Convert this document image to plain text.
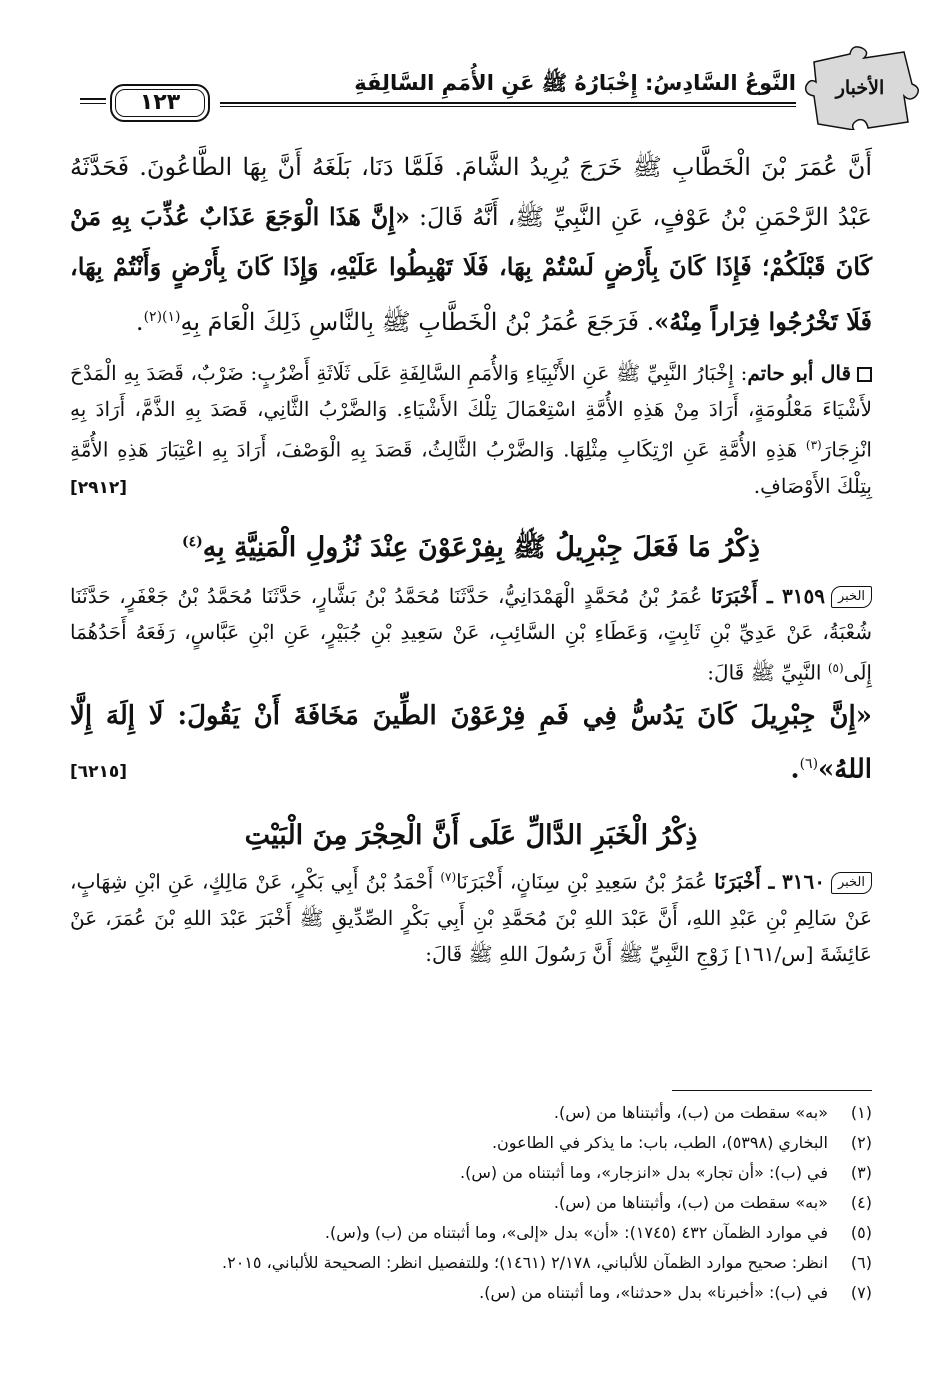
الأخبار
النَّوعُ السَّادِسُ: إِخْبَارُهُ ﷺ عَنِ الأُمَمِ السَّالِفَةِ
١٢٣

أَنَّ عُمَرَ بْنَ الْخَطَّابِ ﷺ خَرَجَ يُرِيدُ الشَّامَ. فَلَمَّا دَنَا، بَلَغَهُ أَنَّ بِهَا الطَّاعُونَ. فَحَدَّثَهُ عَبْدُ الرَّحْمَنِ بْنُ عَوْفٍ، عَنِ النَّبِيِّ ﷺ، أَنَّهُ قَالَ: «إِنَّ هَذَا الْوَجَعَ عَذَابٌ عُذِّبَ بِهِ مَنْ كَانَ قَبْلَكُمْ؛ فَإِذَا كَانَ بِأَرْضٍ لَسْتُمْ بِهَا، فَلَا تَهْبِطُوا عَلَيْهِ، وَإِذَا كَانَ بِأَرْضٍ وَأَنْتُمْ بِهَا، فَلَا تَخْرُجُوا فِرَاراً مِنْهُ». فَرَجَعَ عُمَرُ بْنُ الْخَطَّابِ ﷺ بِالنَّاسِ ذَلِكَ الْعَامَ بِهِ$^{(١)(٢)}$.

قال أبو حاتم: إِخْبَارُ النَّبِيِّ ﷺ عَنِ الأَنْبِيَاءِ وَالأُمَمِ السَّالِفَةِ عَلَى ثَلَاثَةِ أَضْرُبٍ: ضَرْبٌ، قَصَدَ بِهِ الْمَدْحَ لأَشْيَاءَ مَعْلُومَةٍ، أَرَادَ مِنْ هَذِهِ الأُمَّةِ اسْتِعْمَالَ تِلْكَ الأَشْيَاءِ. وَالضَّرْبُ الثَّانِي، قَصَدَ بِهِ الذَّمَّ، أَرَادَ بِهِ انْزِجَارَ$^{(٣)}$ هَذِهِ الأُمَّةِ عَنِ ارْتِكَابِ مِثْلِهَا. وَالضَّرْبُ الثَّالِثُ، قَصَدَ بِهِ الْوَصْفَ، أَرَادَ بِهِ اعْتِبَارَ هَذِهِ الأُمَّةِ بِتِلْكَ الأَوْصَافِ.
[٢٩١٢]

ذِكْرُ مَا فَعَلَ جِبْرِيلُ ﷺ بِفِرْعَوْنَ عِنْدَ نُزُولِ الْمَنِيَّةِ بِهِ$^{(٤)}$

الخبر٣١٥٩ ـ أَخْبَرَنَا عُمَرُ بْنُ مُحَمَّدٍ الْهَمْدَانِيُّ، حَدَّثَنَا مُحَمَّدُ بْنُ بَشَّارٍ، حَدَّثَنَا مُحَمَّدُ بْنُ جَعْفَرٍ، حَدَّثَنَا شُعْبَةُ، عَنْ عَدِيِّ بْنِ ثَابِتٍ، وَعَطَاءِ بْنِ السَّائِبِ، عَنْ سَعِيدِ بْنِ جُبَيْرٍ، عَنِ ابْنِ عَبَّاسٍ، رَفَعَهُ أَحَدُهُمَا إِلَى$^{(٥)}$ النَّبِيِّ ﷺ قَالَ:

«إِنَّ جِبْرِيلَ كَانَ يَدُسُّ فِي فَمِ فِرْعَوْنَ الطِّينَ مَخَافَةَ أَنْ يَقُولَ: لَا إِلَهَ إِلَّا اللهُ»$^{(٦)}$.
[٦٢١٥]

ذِكْرُ الْخَبَرِ الدَّالِّ عَلَى أَنَّ الْحِجْرَ مِنَ الْبَيْتِ

الخبر٣١٦٠ ـ أَخْبَرَنَا عُمَرُ بْنُ سَعِيدِ بْنِ سِنَانٍ، أَخْبَرَنَا$^{(٧)}$ أَحْمَدُ بْنُ أَبِي بَكْرٍ، عَنْ مَالِكٍ، عَنِ ابْنِ شِهَابٍ، عَنْ سَالِمِ بْنِ عَبْدِ اللهِ، أَنَّ عَبْدَ اللهِ بْنَ مُحَمَّدِ بْنِ أَبِي بَكْرٍ الصِّدِّيقِ ﷺ أَخْبَرَ عَبْدَ اللهِ بْنَ عُمَرَ، عَنْ عَائِشَةَ [س/١٦١] زَوْجِ النَّبِيِّ ﷺ أَنَّ رَسُولَ اللهِ ﷺ قَالَ:

(١)
«به» سقطت من (ب)، وأثبتناها من (س).
(٢)
البخاري (٥٣٩٨)، الطب، باب: ما يذكر في الطاعون.
(٣)
في (ب): «أن تجار» بدل «انزجار»، وما أثبتناه من (س).
(٤)
«به» سقطت من (ب)، وأثبتناها من (س).
(٥)
في موارد الظمآن ٤٣٢ (١٧٤٥): «أن» بدل «إلى»، وما أثبتناه من (ب) و(س).
(٦)
انظر: صحيح موارد الظمآن للألباني، ٢/١٧٨ (١٤٦١)؛ وللتفصيل انظر: الصحيحة للألباني، ٢٠١٥.
(٧)
في (ب): «أخبرنا» بدل «حدثنا»، وما أثبتناه من (س).
